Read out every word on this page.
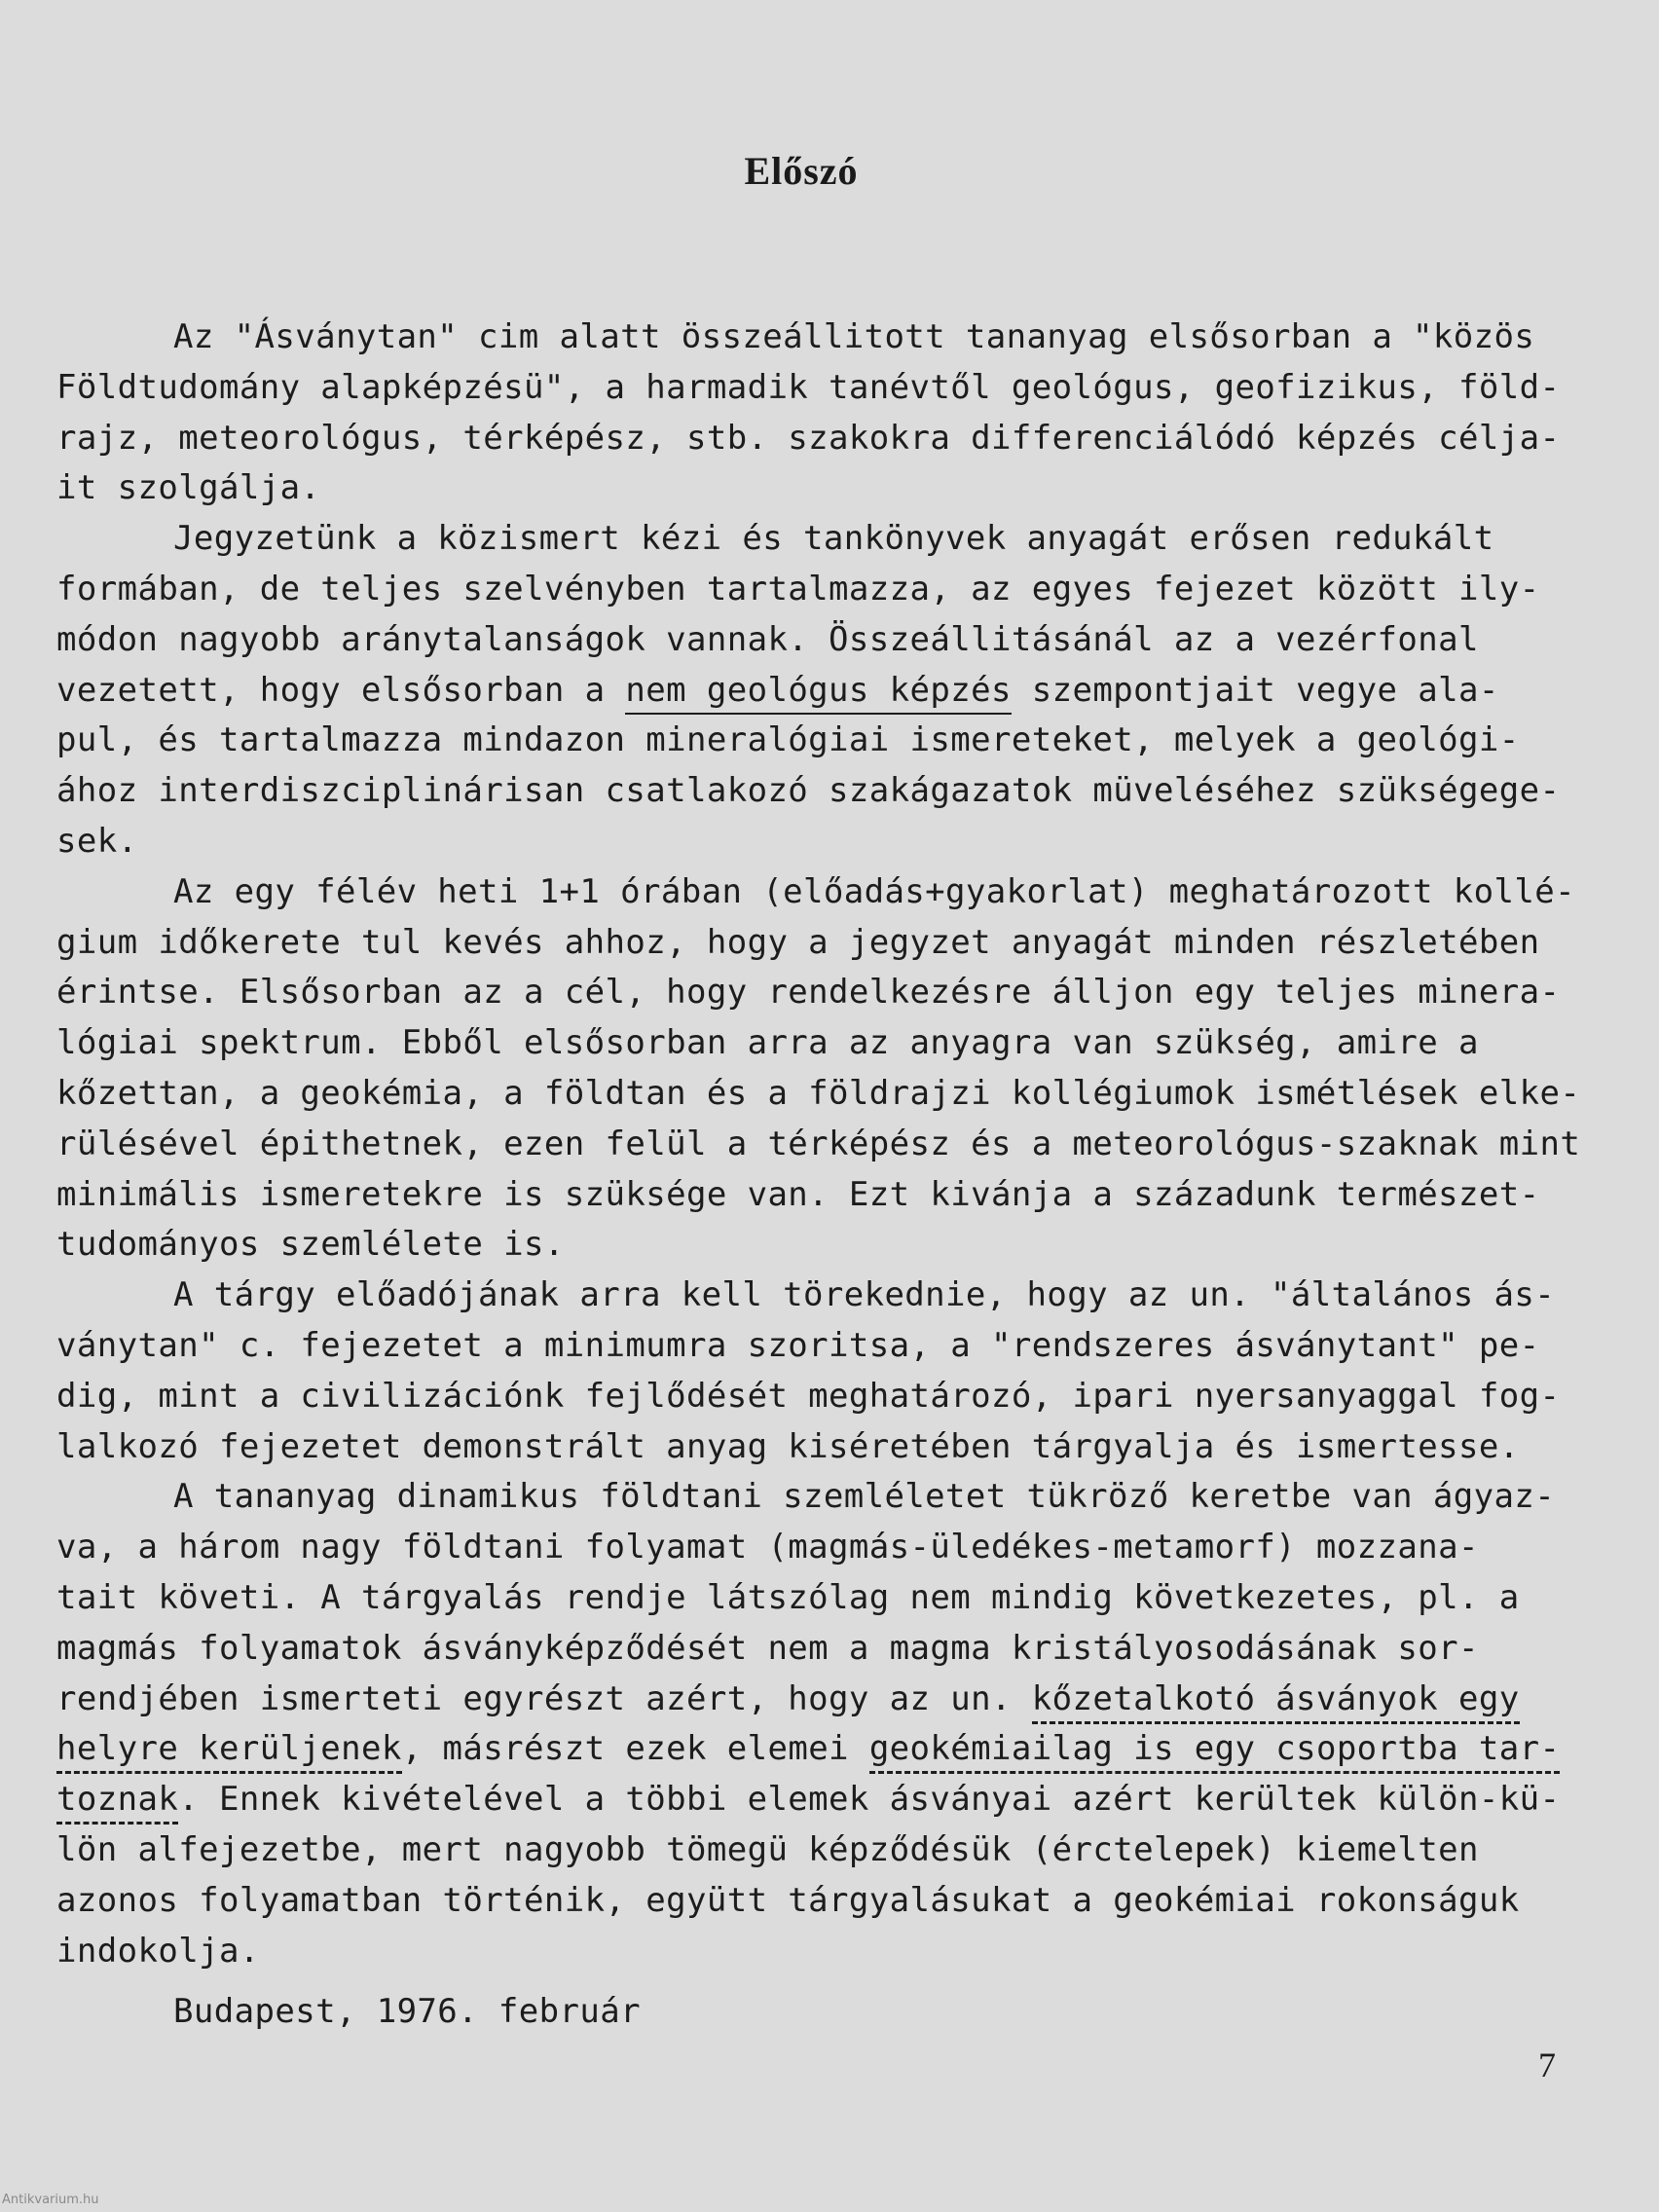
Előszó
Az "Ásványtan" cim alatt összeállitott tananyag elsősorban a "közös
Földtudomány alapképzésü", a harmadik tanévtől geológus, geofizikus, föld-
rajz, meteorológus, térképész, stb. szakokra differenciálódó képzés célja-
it szolgálja.
Jegyzetünk a közismert kézi és tankönyvek anyagát erősen redukált
formában, de teljes szelvényben tartalmazza, az egyes fejezet között ily-
módon nagyobb aránytalanságok vannak. Összeállitásánál az a vezérfonal
vezetett, hogy elsősorban a nem geológus képzés szempontjait vegye ala-
pul, és tartalmazza mindazon mineralógiai ismereteket, melyek a geológi-
ához interdiszciplinárisan csatlakozó szakágazatok müveléséhez szükségege-
sek.
Az egy félév heti 1+1 órában (előadás+gyakorlat) meghatározott kollé-
gium időkerete tul kevés ahhoz, hogy a jegyzet anyagát minden részletében
érintse. Elsősorban az a cél, hogy rendelkezésre álljon egy teljes minera-
lógiai spektrum. Ebből elsősorban arra az anyagra van szükség, amire a
kőzettan, a geokémia, a földtan és a földrajzi kollégiumok ismétlések elke-
rülésével épithetnek, ezen felül a térképész és a meteorológus-szaknak mint
minimális ismeretekre is szüksége van. Ezt kivánja a századunk természet-
tudományos szemlélete is.
A tárgy előadójának arra kell törekednie, hogy az un. "általános ás-
ványtan" c. fejezetet a minimumra szoritsa, a "rendszeres ásványtant" pe-
dig, mint a civilizációnk fejlődését meghatározó, ipari nyersanyaggal fog-
lalkozó fejezetet demonstrált anyag kiséretében tárgyalja és ismertesse.
A tananyag dinamikus földtani szemléletet tükröző keretbe van ágyaz-
va, a három nagy földtani folyamat (magmás-üledékes-metamorf) mozzana-
tait követi. A tárgyalás rendje látszólag nem mindig következetes, pl. a
magmás folyamatok ásványképződését nem a magma kristályosodásának sor-
rendjében ismerteti egyrészt azért, hogy az un. kőzetalkotó ásványok egy
helyre kerüljenek, másrészt ezek elemei geokémiailag is egy csoportba tar-
toznak. Ennek kivételével a többi elemek ásványai azért kerültek külön-kü-
lön alfejezetbe, mert nagyobb tömegü képződésük (érctelepek) kiemelten
azonos folyamatban történik, együtt tárgyalásukat a geokémiai rokonságuk
indokolja.
Budapest, 1976. február
7
Antikvarium.hu
